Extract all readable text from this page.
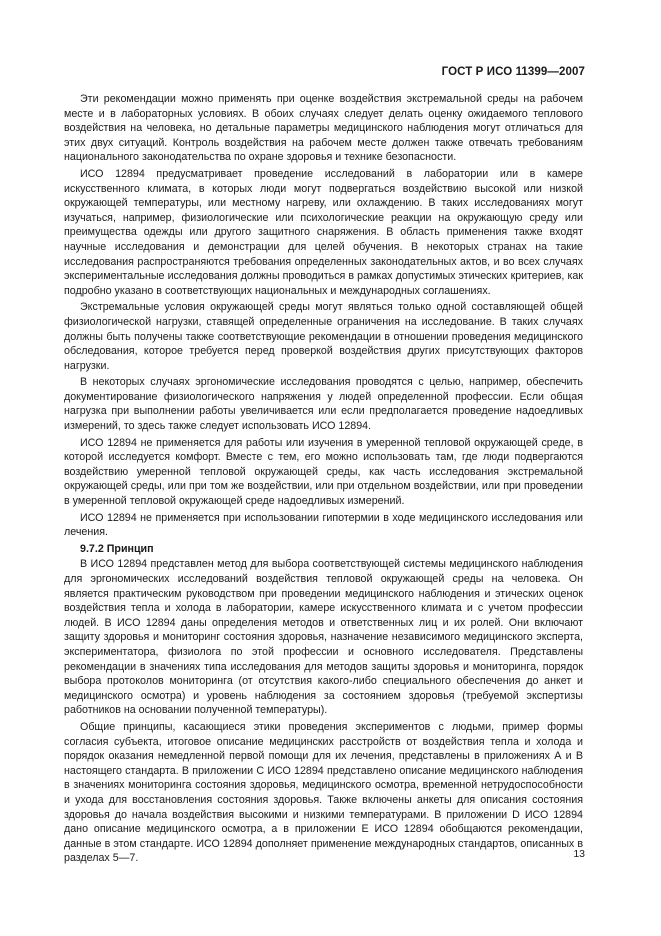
ГОСТ Р ИСО 11399—2007

Эти рекомендации можно применять при оценке воздействия экстремальной среды на рабочем месте и в лабораторных условиях. В обоих случаях следует делать оценку ожидаемого теплового воздействия на человека, но детальные параметры медицинского наблюдения могут отличаться для этих двух ситуаций. Контроль воздействия на рабочем месте должен также отвечать требованиям национального законодательства по охране здоровья и технике безопасности.

ИСО 12894 предусматривает проведение исследований в лаборатории или в камере искусственного климата, в которых люди могут подвергаться воздействию высокой или низкой окружающей температуры, или местному нагреву, или охлаждению. В таких исследованиях могут изучаться, например, физиологические или психологические реакции на окружающую среду или преимущества одежды или другого защитного снаряжения. В область применения также входят научные исследования и демонстрации для целей обучения. В некоторых странах на такие исследования распространяются требования определенных законодательных актов, и во всех случаях экспериментальные исследования должны проводиться в рамках допустимых этических критериев, как подробно указано в соответствующих национальных и международных соглашениях.

Экстремальные условия окружающей среды могут являться только одной составляющей общей физиологической нагрузки, ставящей определенные ограничения на исследование. В таких случаях должны быть получены также соответствующие рекомендации в отношении проведения медицинского обследования, которое требуется перед проверкой воздействия других присутствующих факторов нагрузки.

В некоторых случаях эргономические исследования проводятся с целью, например, обеспечить документирование физиологического напряжения у людей определенной профессии. Если общая нагрузка при выполнении работы увеличивается или если предполагается проведение надоедливых измерений, то здесь также следует использовать ИСО 12894.

ИСО 12894 не применяется для работы или изучения в умеренной тепловой окружающей среде, в которой исследуется комфорт. Вместе с тем, его можно использовать там, где люди подвергаются воздействию умеренной тепловой окружающей среды, как часть исследования экстремальной окружающей среды, или при том же воздействии, или при отдельном воздействии, или при проведении в умеренной тепловой окружающей среде надоедливых измерений.

ИСО 12894 не применяется при использовании гипотермии в ходе медицинского исследования или лечения.

9.7.2 Принцип

В ИСО 12894 представлен метод для выбора соответствующей системы медицинского наблюдения для эргономических исследований воздействия тепловой окружающей среды на человека. Он является практическим руководством при проведении медицинского наблюдения и этических оценок воздействия тепла и холода в лаборатории, камере искусственного климата и с учетом профессии людей. В ИСО 12894 даны определения методов и ответственных лиц и их ролей. Они включают защиту здоровья и мониторинг состояния здоровья, назначение независимого медицинского эксперта, экспериментатора, физиолога по этой профессии и основного исследователя. Представлены рекомендации в значениях типа исследования для методов защиты здоровья и мониторинга, порядок выбора протоколов мониторинга (от отсутствия какого-либо специального обеспечения до анкет и медицинского осмотра) и уровень наблюдения за состоянием здоровья (требуемой экспертизы работников на основании полученной температуры).

Общие принципы, касающиеся этики проведения экспериментов с людьми, пример формы согласия субъекта, итоговое описание медицинских расстройств от воздействия тепла и холода и порядок оказания немедленной первой помощи для их лечения, представлены в приложениях А и В настоящего стандарта. В приложении С ИСО 12894 представлено описание медицинского наблюдения в значениях мониторинга состояния здоровья, медицинского осмотра, временной нетрудоспособности и ухода для восстановления состояния здоровья. Также включены анкеты для описания состояния здоровья до начала воздействия высокими и низкими температурами. В приложении D ИСО 12894 дано описание медицинского осмотра, а в приложении Е ИСО 12894 обобщаются рекомендации, данные в этом стандарте. ИСО 12894 дополняет применение международных стандартов, описанных в разделах 5—7.	13
